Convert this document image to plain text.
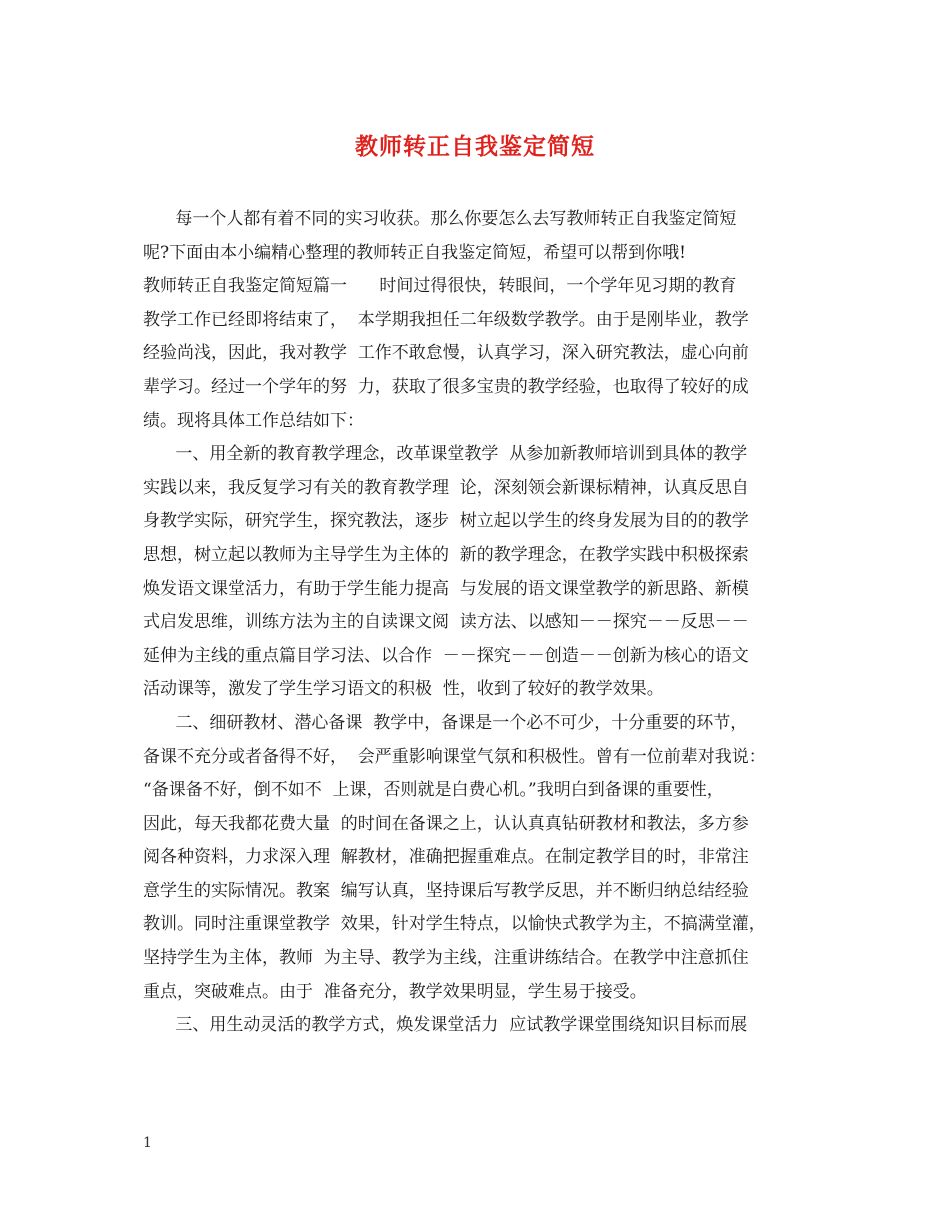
教师转正自我鉴定简短
每一个人都有着不同的实习收获。那么你要怎么去写教师转正自我鉴定简短
呢?下面由本小编精心整理的教师转正自我鉴定简短，希望可以帮到你哦!
教师转正自我鉴定简短篇一      时间过得很快，转眼间，一个学年见习期的教育
教学工作已经即将结束了，  本学期我担任二年级数学教学。由于是刚毕业，教学
经验尚浅，因此，我对教学  工作不敢怠慢，认真学习，深入研究教法，虚心向前
辈学习。经过一个学年的努  力，获取了很多宝贵的教学经验，也取得了较好的成
绩。现将具体工作总结如下：
一、用全新的教育教学理念，改革课堂教学  从参加新教师培训到具体的教学
实践以来，我反复学习有关的教育教学理  论，深刻领会新课标精神，认真反思自
身教学实际，研究学生，探究教法，逐步  树立起以学生的终身发展为目的的教学
思想，树立起以教师为主导学生为主体的  新的教学理念，在教学实践中积极探索
焕发语文课堂活力，有助于学生能力提高  与发展的语文课堂教学的新思路、新模
式启发思维，训练方法为主的自读课文阅  读方法、以感知－－探究－－反思－－
延伸为主线的重点篇目学习法、以合作  －－探究－－创造－－创新为核心的语文
活动课等，激发了学生学习语文的积极  性，收到了较好的教学效果。
二、细研教材、潜心备课  教学中，备课是一个必不可少，十分重要的环节，
备课不充分或者备得不好，  会严重影响课堂气氛和积极性。曾有一位前辈对我说：
“备课备不好，倒不如不  上课，否则就是白费心机。”我明白到备课的重要性，
因此，每天我都花费大量  的时间在备课之上，认认真真钻研教材和教法，多方参
阅各种资料，力求深入理  解教材，准确把握重难点。在制定教学目的时，非常注
意学生的实际情况。教案  编写认真，坚持课后写教学反思，并不断归纳总结经验
教训。同时注重课堂教学  效果，针对学生特点，以愉快式教学为主，不搞满堂灌，
坚持学生为主体，教师  为主导、教学为主线，注重讲练结合。在教学中注意抓住
重点，突破难点。由于  准备充分，教学效果明显，学生易于接受。
三、用生动灵活的教学方式，焕发课堂活力  应试教学课堂围绕知识目标而展
1
